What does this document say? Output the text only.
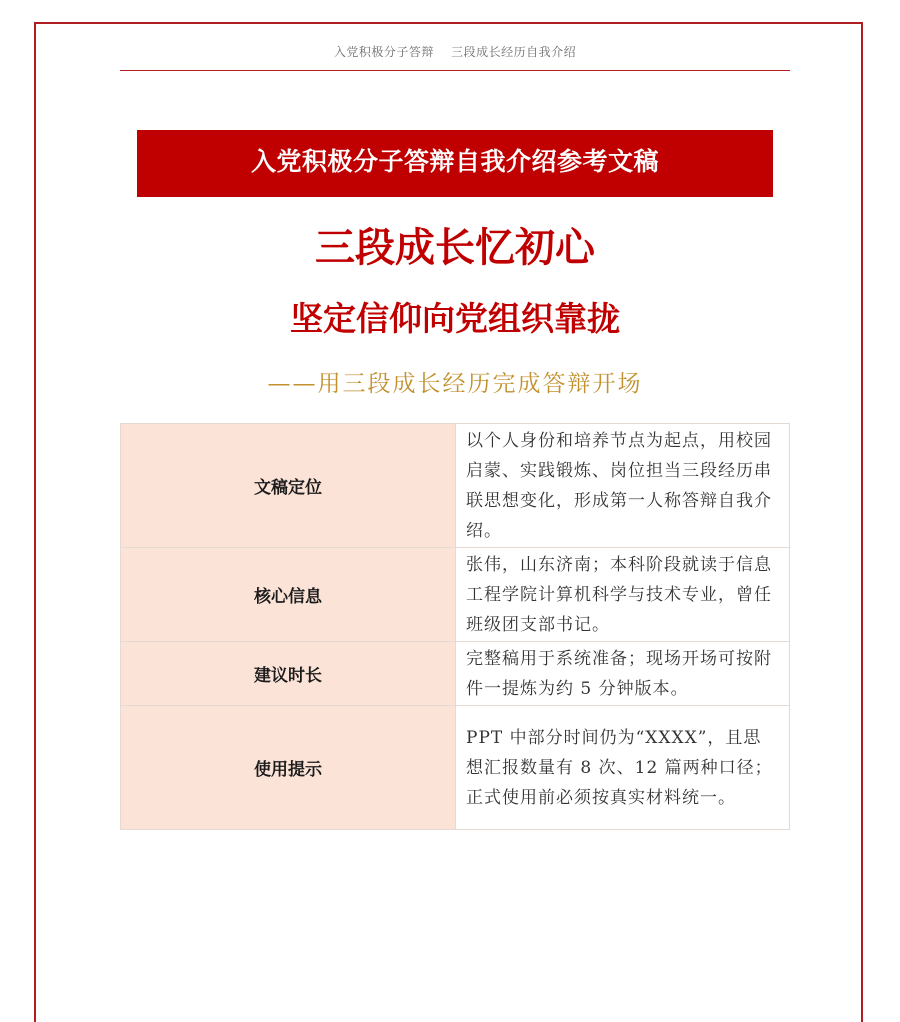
入党积极分子答辩    三段成长经历自我介绍
入党积极分子答辩自我介绍参考文稿
三段成长忆初心
坚定信仰向党组织靠拢
——用三段成长经历完成答辩开场
文稿定位	以个人身份和培养节点为起点，用校园启蒙、实践锻炼、岗位担当三段经历串联思想变化，形成第一人称答辩自我介绍。
核心信息	张伟，山东济南；本科阶段就读于信息工程学院计算机科学与技术专业，曾任班级团支部书记。
建议时长	完整稿用于系统准备；现场开场可按附件一提炼为约 5 分钟版本。
使用提示	PPT 中部分时间仍为“XXXX”，且思想汇报数量有 8 次、12 篇两种口径；正式使用前必须按真实材料统一。
